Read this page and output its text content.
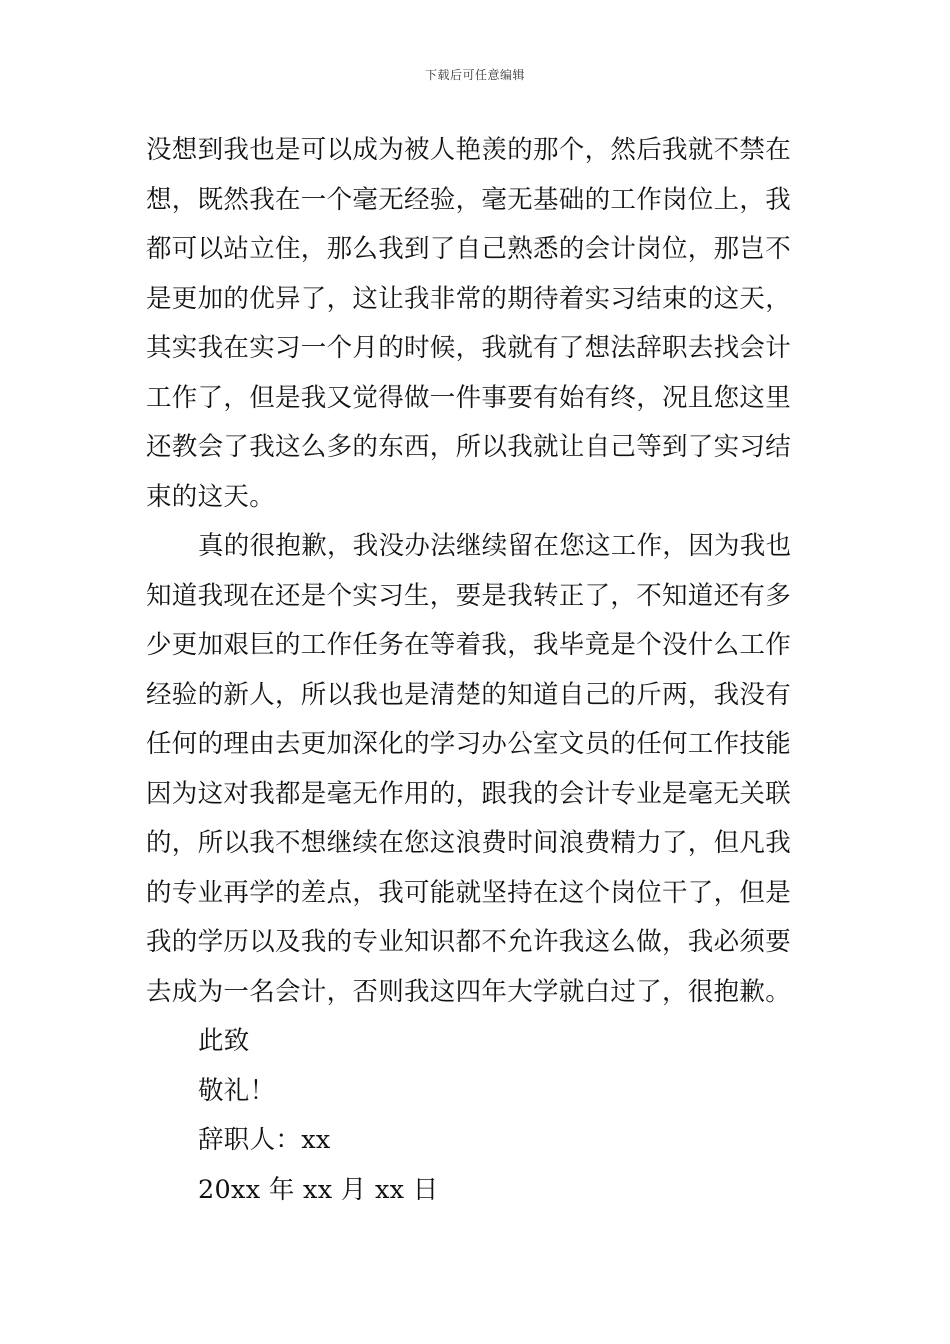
下载后可任意编辑
没想到我也是可以成为被人艳羡的那个，然后我就不禁在
想，既然我在一个毫无经验，毫无基础的工作岗位上，我
都可以站立住，那么我到了自己熟悉的会计岗位，那岂不
是更加的优异了，这让我非常的期待着实习结束的这天，
其实我在实习一个月的时候，我就有了想法辞职去找会计
工作了，但是我又觉得做一件事要有始有终，况且您这里
还教会了我这么多的东西，所以我就让自己等到了实习结
束的这天。
真的很抱歉，我没办法继续留在您这工作，因为我也
知道我现在还是个实习生，要是我转正了，不知道还有多
少更加艰巨的工作任务在等着我，我毕竟是个没什么工作
经验的新人，所以我也是清楚的知道自己的斤两，我没有
任何的理由去更加深化的学习办公室文员的任何工作技能
因为这对我都是毫无作用的，跟我的会计专业是毫无关联
的，所以我不想继续在您这浪费时间浪费精力了，但凡我
的专业再学的差点，我可能就坚持在这个岗位干了，但是
我的学历以及我的专业知识都不允许我这么做，我必须要
去成为一名会计，否则我这四年大学就白过了，很抱歉。
此致
敬礼！
辞职人：xx
20xx 年 xx 月 xx 日
